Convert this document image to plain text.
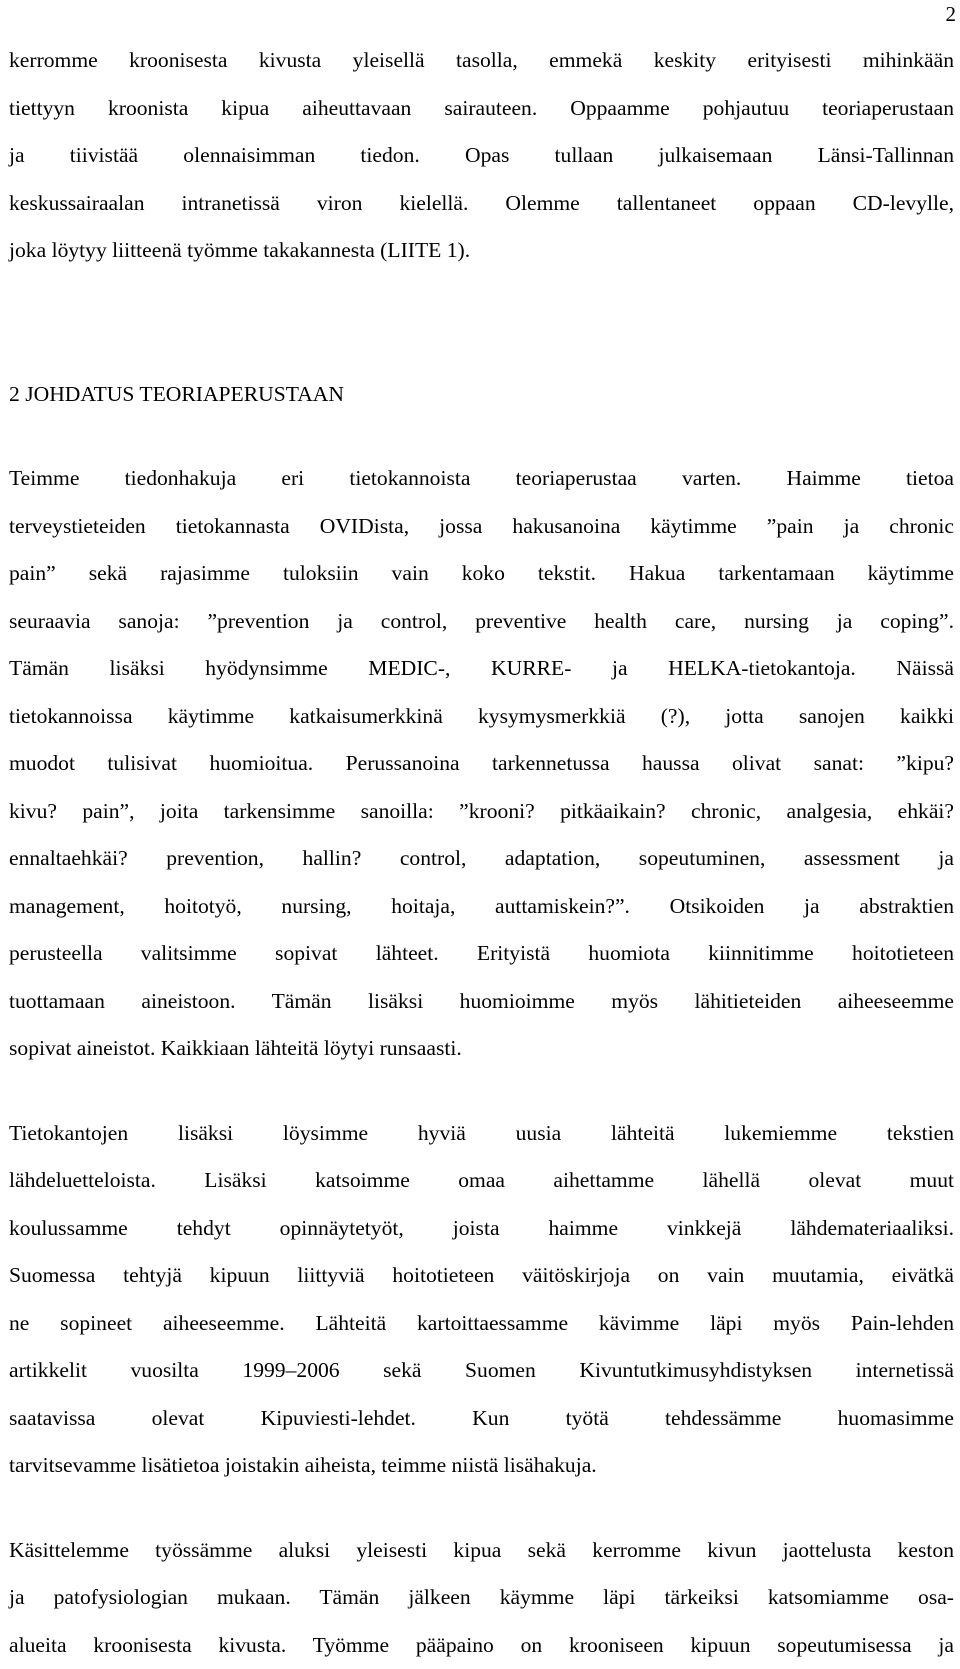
2
kerromme kroonisesta kivusta yleisellä tasolla, emmekä keskity erityisesti mihinkään
tiettyyn kroonista kipua aiheuttavaan sairauteen. Oppaamme pohjautuu teoriaperustaan
ja tiivistää olennaisimman tiedon. Opas tullaan julkaisemaan Länsi-Tallinnan
keskussairaalan intranetissä viron kielellä. Olemme tallentaneet oppaan CD-levylle,
joka löytyy liitteenä työmme takakannesta (LIITE 1).
2 JOHDATUS TEORIAPERUSTAAN
Teimme tiedonhakuja eri tietokannoista teoriaperustaa varten. Haimme tietoa
terveystieteiden tietokannasta OVIDista, jossa hakusanoina käytimme ”pain ja chronic
pain” sekä rajasimme tuloksiin vain koko tekstit. Hakua tarkentamaan käytimme
seuraavia sanoja: ”prevention ja control, preventive health care, nursing ja coping”.
Tämän lisäksi hyödynsimme MEDIC-, KURRE- ja HELKA-tietokantoja. Näissä
tietokannoissa käytimme katkaisumerkkinä kysymysmerkkiä (?), jotta sanojen kaikki
muodot tulisivat huomioitua. Perussanoina tarkennetussa haussa olivat sanat: ”kipu?
kivu? pain”, joita tarkensimme sanoilla: ”krooni? pitkäaikain? chronic, analgesia, ehkäi?
ennaltaehkäi? prevention, hallin? control, adaptation, sopeutuminen, assessment ja
management, hoitotyö, nursing, hoitaja, auttamiskein?”. Otsikoiden ja abstraktien
perusteella valitsimme sopivat lähteet. Erityistä huomiota kiinnitimme hoitotieteen
tuottamaan aineistoon. Tämän lisäksi huomioimme myös lähitieteiden aiheeseemme
sopivat aineistot. Kaikkiaan lähteitä löytyi runsaasti.
Tietokantojen lisäksi löysimme hyviä uusia lähteitä lukemiemme tekstien
lähdeluetteloista. Lisäksi katsoimme omaa aihettamme lähellä olevat muut
koulussamme tehdyt opinnäytetyöt, joista haimme vinkkejä lähdemateriaaliksi.
Suomessa tehtyjä kipuun liittyviä hoitotieteen väitöskirjoja on vain muutamia, eivätkä
ne sopineet aiheeseemme. Lähteitä kartoittaessamme kävimme läpi myös Pain-lehden
artikkelit vuosilta 1999–2006 sekä Suomen Kivuntutkimusyhdistyksen internetissä
saatavissa olevat Kipuviesti-lehdet. Kun työtä tehdessämme huomasimme
tarvitsevamme lisätietoa joistakin aiheista, teimme niistä lisähakuja.
Käsittelemme työssämme aluksi yleisesti kipua sekä kerromme kivun jaottelusta keston
ja patofysiologian mukaan. Tämän jälkeen käymme läpi tärkeiksi katsomiamme osa-
alueita kroonisesta kivusta. Työmme pääpaino on krooniseen kipuun sopeutumisessa ja
